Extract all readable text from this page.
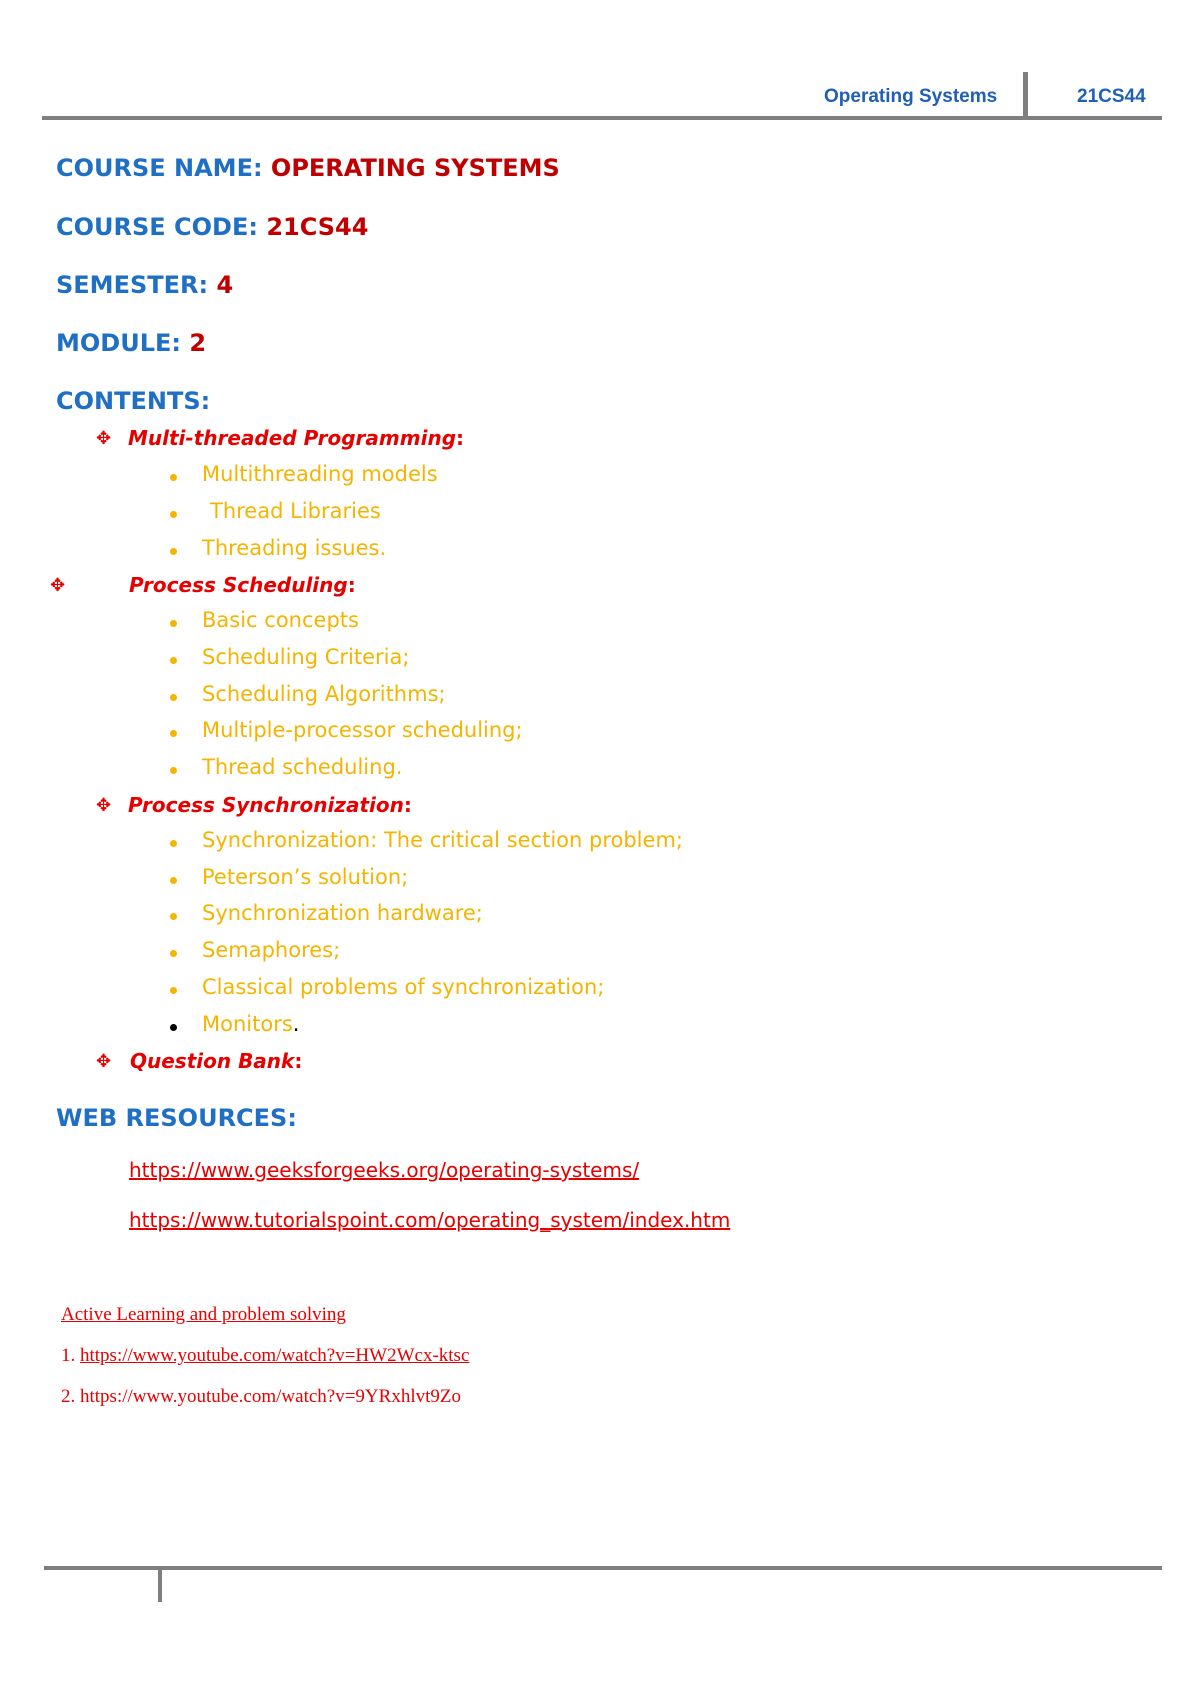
Operating Systems	21CS44
COURSE NAME: OPERATING SYSTEMS
COURSE CODE: 21CS44
SEMESTER: 4
MODULE: 2
CONTENTS:
✥ Multi-threaded Programming:
Multithreading models
Thread Libraries
Threading issues.
✥	Process Scheduling:
Basic concepts
Scheduling Criteria;
Scheduling Algorithms;
Multiple-processor scheduling;
Thread scheduling.
✥ Process Synchronization:
Synchronization: The critical section problem;
Peterson’s solution;
Synchronization hardware;
Semaphores;
Classical problems of synchronization;
Monitors.
✥ Question Bank:
WEB RESOURCES:
https://www.geeksforgeeks.org/operating-systems/
https://www.tutorialspoint.com/operating_system/index.htm
Active Learning and problem solving
1. https://www.youtube.com/watch?v=HW2Wcx-ktsc
2. https://www.youtube.com/watch?v=9YRxhlvt9Zo
